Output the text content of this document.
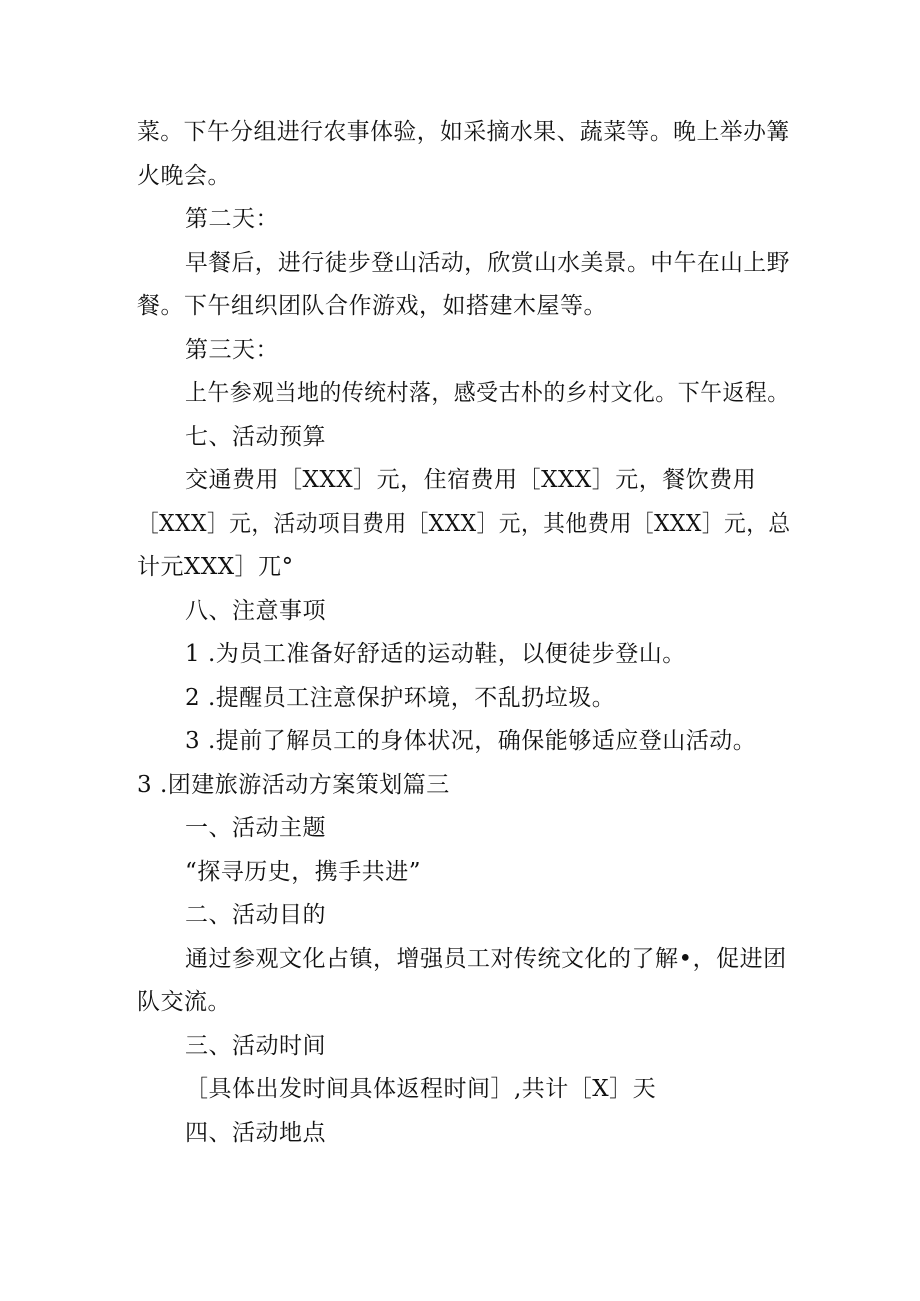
菜。下午分组进行农事体验，如采摘水果、蔬菜等。晚上举办篝
火晚会。
第二天：
早餐后，进行徒步登山活动，欣赏山水美景。中午在山上野
餐。下午组织团队合作游戏，如搭建木屋等。
第三天：
上午参观当地的传统村落，感受古朴的乡村文化。下午返程。
七、活动预算
交通费用［XXX］元，住宿费用［XXX］元，餐饮费用
［XXX］元，活动项目费用［XXX］元，其他费用［XXX］元，总
计元XXX］兀°
八、注意事项
1 .为员工准备好舒适的运动鞋，以便徒步登山。
2 .提醒员工注意保护环境，不乱扔垃圾。
3 .提前了解员工的身体状况，确保能够适应登山活动。
3 .团建旅游活动方案策划篇三
一、活动主题
“探寻历史，携手共进”
二、活动目的
通过参观文化占镇，增强员工对传统文化的了解•，促进团
队交流。
三、活动时间
［具体出发时间具体返程时间］,共计［X］天
四、活动地点
